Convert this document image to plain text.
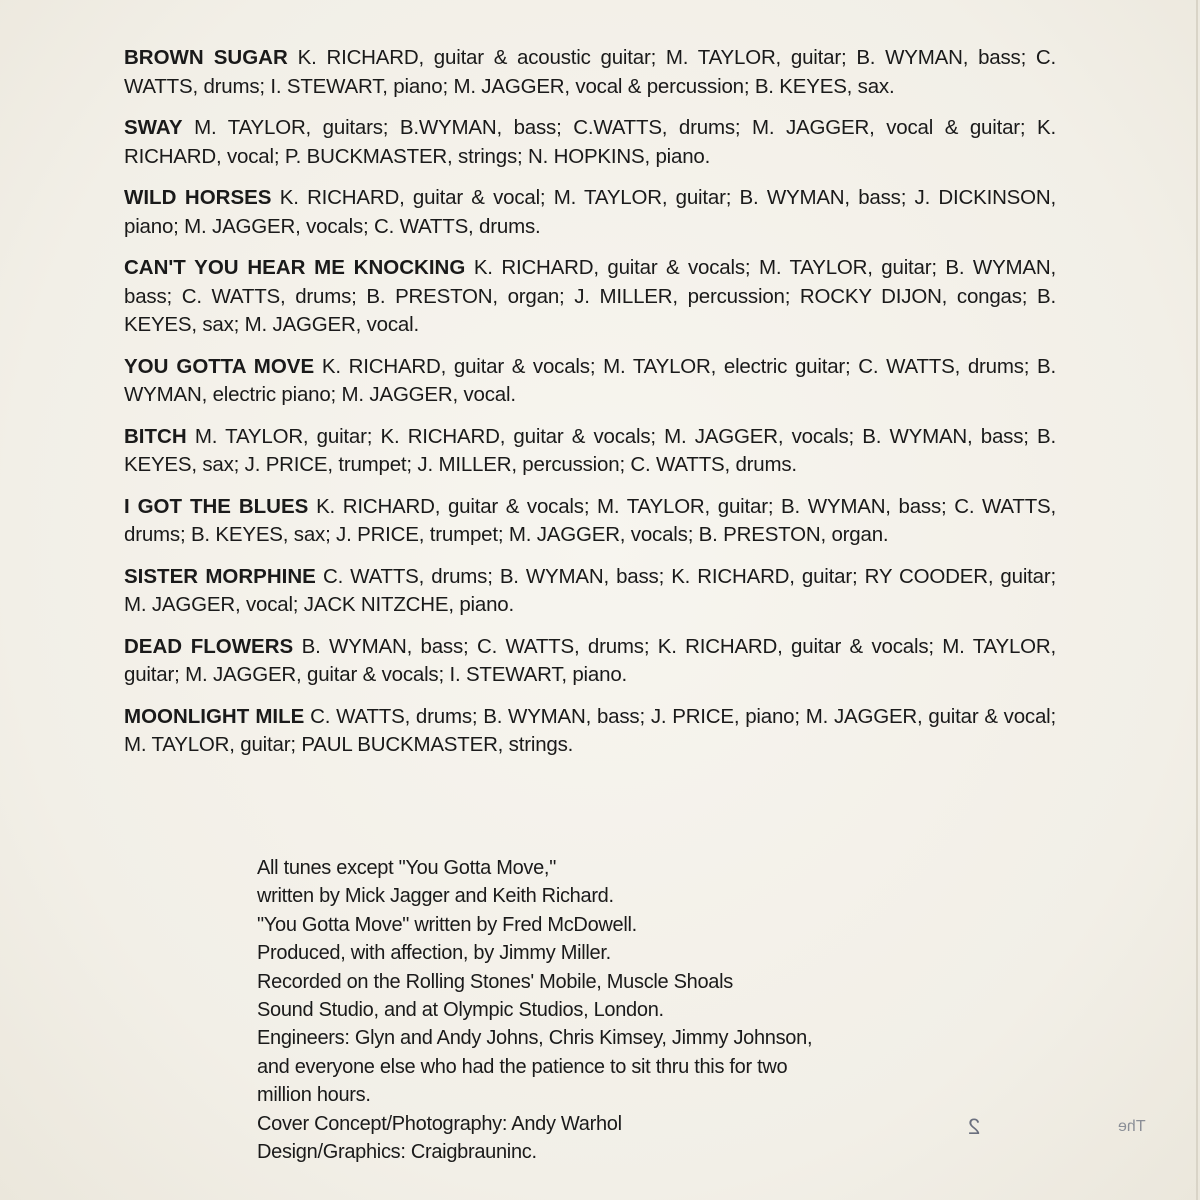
BROWN SUGAR K. RICHARD, guitar & acoustic guitar; M. TAYLOR, guitar; B. WYMAN, bass; C. WATTS, drums; I. STEWART, piano; M. JAGGER, vocal & percussion; B. KEYES, sax.

SWAY M. TAYLOR, guitars; B.WYMAN, bass; C.WATTS, drums; M. JAGGER, vocal & guitar; K. RICHARD, vocal; P. BUCKMASTER, strings; N. HOPKINS, piano.

WILD HORSES K. RICHARD, guitar & vocal; M. TAYLOR, guitar; B. WYMAN, bass; J. DICKINSON, piano; M. JAGGER, vocals; C. WATTS, drums.

CAN'T YOU HEAR ME KNOCKING K. RICHARD, guitar & vocals; M. TAYLOR, guitar; B. WYMAN, bass; C. WATTS, drums; B. PRESTON, organ; J. MILLER, percussion; ROCKY DIJON, congas; B. KEYES, sax; M. JAGGER, vocal.

YOU GOTTA MOVE K. RICHARD, guitar & vocals; M. TAYLOR, electric guitar; C. WATTS, drums; B. WYMAN, electric piano; M. JAGGER, vocal.

BITCH M. TAYLOR, guitar; K. RICHARD, guitar & vocals; M. JAGGER, vocals; B. WYMAN, bass; B. KEYES, sax; J. PRICE, trumpet; J. MILLER, percussion; C. WATTS, drums.

I GOT THE BLUES K. RICHARD, guitar & vocals; M. TAYLOR, guitar; B. WYMAN, bass; C. WATTS, drums; B. KEYES, sax; J. PRICE, trumpet; M. JAGGER, vocals; B. PRESTON, organ.

SISTER MORPHINE C. WATTS, drums; B. WYMAN, bass; K. RICHARD, guitar; RY COODER, guitar; M. JAGGER, vocal; JACK NITZCHE, piano.

DEAD FLOWERS B. WYMAN, bass; C. WATTS, drums; K. RICHARD, guitar & vocals; M. TAYLOR, guitar; M. JAGGER, guitar & vocals; I. STEWART, piano.

MOONLIGHT MILE C. WATTS, drums; B. WYMAN, bass; J. PRICE, piano; M. JAGGER, guitar & vocal; M. TAYLOR, guitar; PAUL BUCKMASTER, strings.

All tunes except "You Gotta Move,"
written by Mick Jagger and Keith Richard.
"You Gotta Move" written by Fred McDowell.
Produced, with affection, by Jimmy Miller.
Recorded on the Rolling Stones' Mobile, Muscle Shoals
Sound Studio, and at Olympic Studios, London.
Engineers: Glyn and Andy Johns, Chris Kimsey, Jimmy Johnson,
and everyone else who had the patience to sit thru this for two
million hours.
Cover Concept/Photography: Andy Warhol
Design/Graphics: Craigbrauninc.
2	The
